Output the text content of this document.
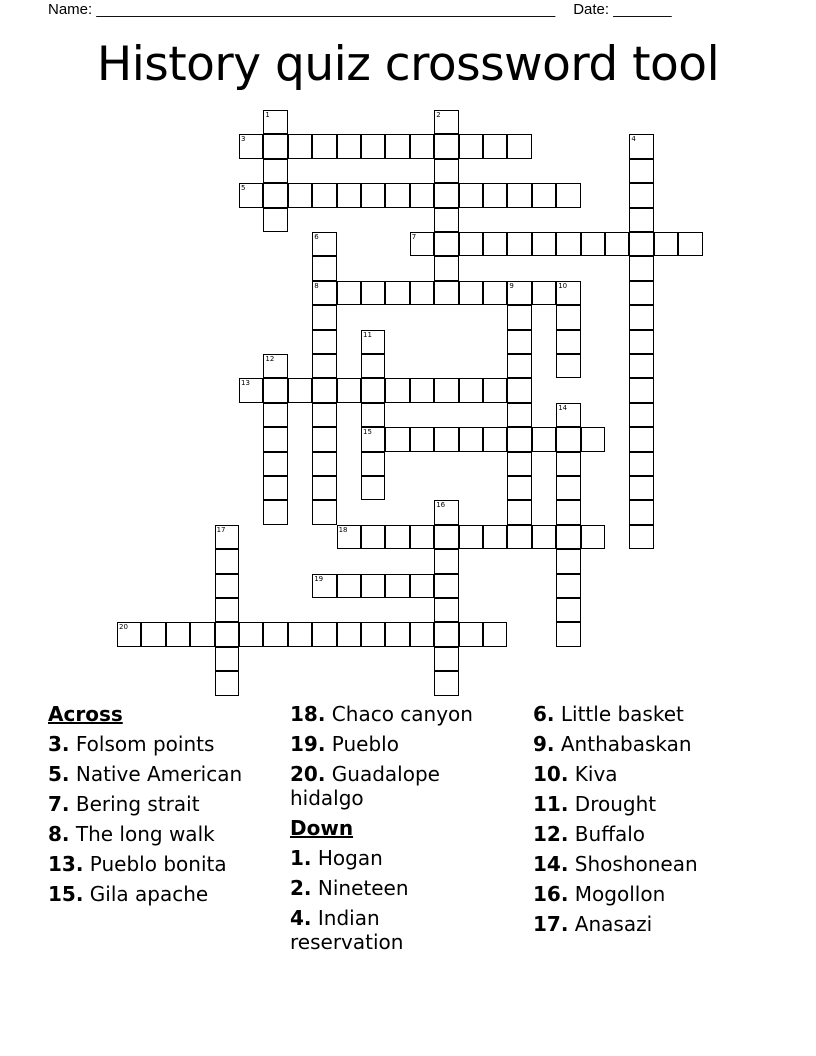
Name: _______________________________________________________ Date: _______
History quiz crossword tool
3
5
7
8
13
15
18
19
20
1	2
4
6
9	10
11
12
14
16
17
Across
3. Folsom points
5. Native American
7. Bering strait
8. The long walk
13. Pueblo bonita
15. Gila apache
18. Chaco canyon
19. Pueblo
20. Guadalope hidalgo
Down
1. Hogan
2. Nineteen
4. Indian reservation
6. Little basket
9. Anthabaskan
10. Kiva
11. Drought
12. Buffalo
14. Shoshonean
16. Mogollon
17. Anasazi
